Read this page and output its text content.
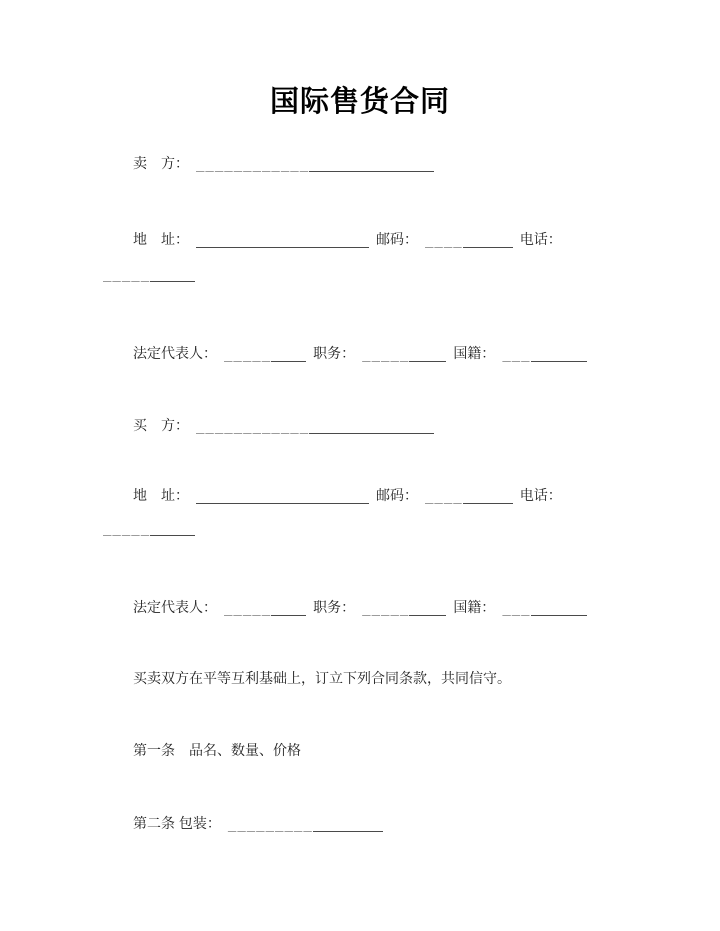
国际售货合同
卖　方： ____________
地　址：	邮码： ____	电话：
_____
法定代表人： _____	职务： _____	国籍： ___
买　方： ____________
地　址：	邮码： ____	电话：
_____
法定代表人： _____	职务： _____	国籍： ___
买卖双方在平等互利基础上，订立下列合同条款，共同信守。
第一条　品名、数量、价格
第二条 包装： _________
